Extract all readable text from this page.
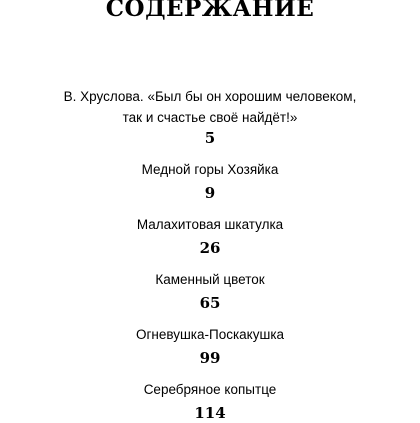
СОДЕРЖАНИЕ
В. Хруслова. «Был бы он хорошим человеком,
так и счастье своё найдёт!»
5
Медной горы Хозяйка
9
Малахитовая шкатулка
26
Каменный цветок
65
Огневушка-Поскакушка
99
Серебряное копытце
114
